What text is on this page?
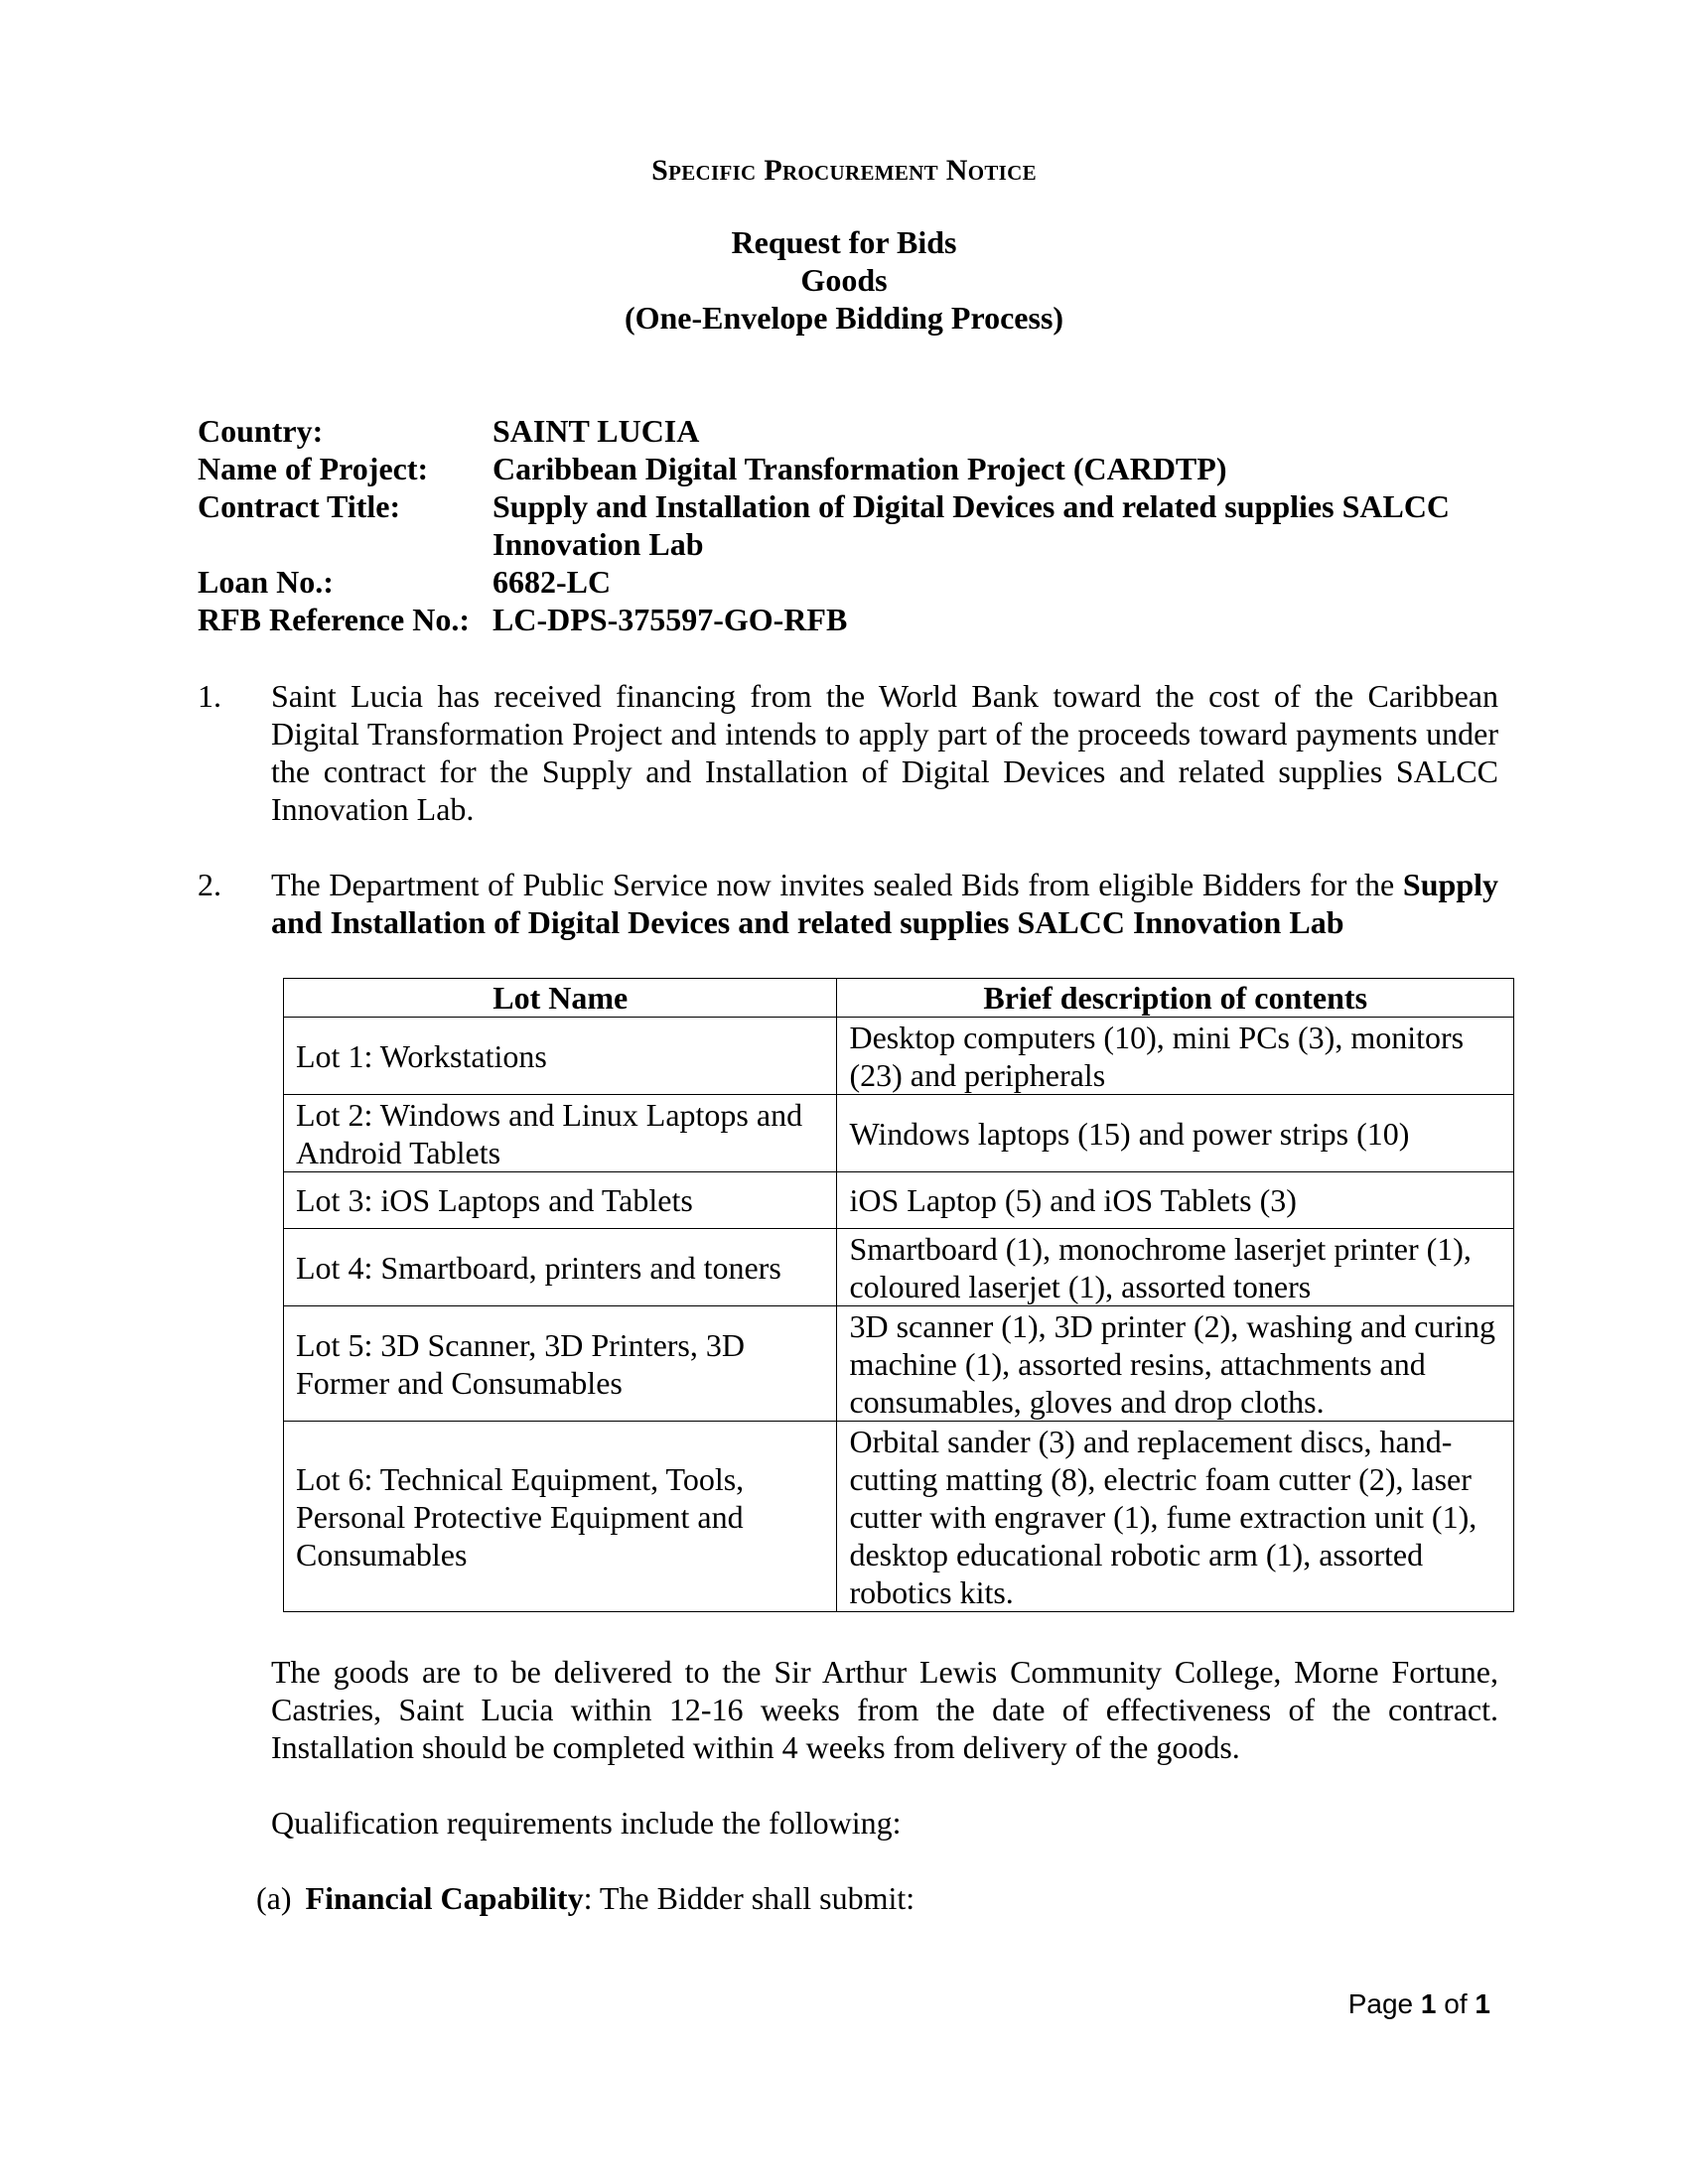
Specific Procurement Notice
Request for Bids
Goods
(One-Envelope Bidding Process)
Country:	SAINT LUCIA
Name of Project:	Caribbean Digital Transformation Project (CARDTP)
Contract Title:	Supply and Installation of Digital Devices and related supplies SALCC Innovation Lab
Loan No.:	6682-LC
RFB Reference No.: LC-DPS-375597-GO-RFB
1. Saint Lucia has received financing from the World Bank toward the cost of the Caribbean Digital Transformation Project and intends to apply part of the proceeds toward payments under the contract for the Supply and Installation of Digital Devices and related supplies SALCC Innovation Lab.
2. The Department of Public Service now invites sealed Bids from eligible Bidders for the Supply and Installation of Digital Devices and related supplies SALCC Innovation Lab
Lot Name	Brief description of contents
Lot 1: Workstations	Desktop computers (10), mini PCs (3), monitors (23) and peripherals
Lot 2: Windows and Linux Laptops and Android Tablets	Windows laptops (15) and power strips (10)
Lot 3: iOS Laptops and Tablets	iOS Laptop (5) and iOS Tablets (3)
Lot 4: Smartboard, printers and toners	Smartboard (1), monochrome laserjet printer (1), coloured laserjet (1), assorted toners
Lot 5: 3D Scanner, 3D Printers, 3D Former and Consumables	3D scanner (1), 3D printer (2), washing and curing machine (1), assorted resins, attachments and consumables, gloves and drop cloths.
Lot 6: Technical Equipment, Tools, Personal Protective Equipment and Consumables	Orbital sander (3) and replacement discs, hand-cutting matting (8), electric foam cutter (2), laser cutter with engraver (1), fume extraction unit (1), desktop educational robotic arm (1), assorted robotics kits.
The goods are to be delivered to the Sir Arthur Lewis Community College, Morne Fortune, Castries, Saint Lucia within 12-16 weeks from the date of effectiveness of the contract. Installation should be completed within 4 weeks from delivery of the goods.
Qualification requirements include the following:
(a) Financial Capability: The Bidder shall submit:
Page 1 of 1
